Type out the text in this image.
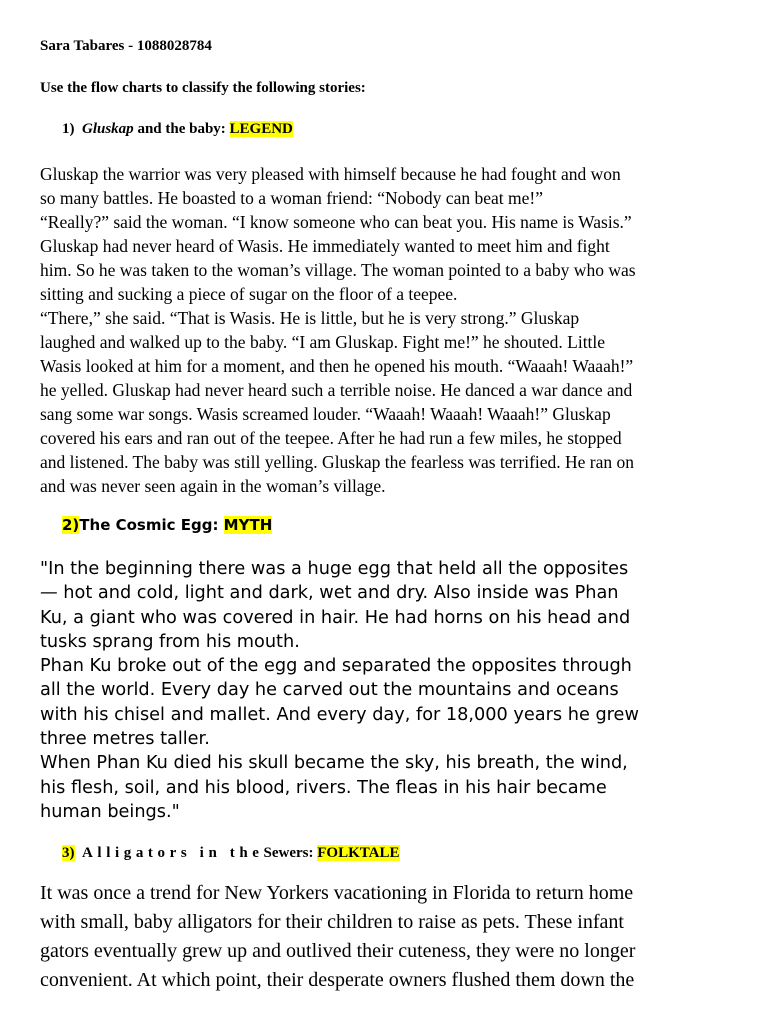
Sara Tabares - 1088028784
Use the flow charts to classify the following stories:
1) Gluskap and the baby: LEGEND
Gluskap the warrior was very pleased with himself because he had fought and won
so many battles. He boasted to a woman friend: “Nobody can beat me!”
“Really?” said the woman. “I know someone who can beat you. His name is Wasis.”
Gluskap had never heard of Wasis. He immediately wanted to meet him and fight
him. So he was taken to the woman’s village. The woman pointed to a baby who was
sitting and sucking a piece of sugar on the floor of a teepee.
“There,” she said. “That is Wasis. He is little, but he is very strong.” Gluskap
laughed and walked up to the baby. “I am Gluskap. Fight me!” he shouted. Little
Wasis looked at him for a moment, and then he opened his mouth. “Waaah! Waaah!”
he yelled. Gluskap had never heard such a terrible noise. He danced a war dance and
sang some war songs. Wasis screamed louder. “Waaah! Waaah! Waaah!” Gluskap
covered his ears and ran out of the teepee. After he had run a few miles, he stopped
and listened. The baby was still yelling. Gluskap the fearless was terrified. He ran on
and was never seen again in the woman’s village.
2)The Cosmic Egg: MYTH
"In the beginning there was a huge egg that held all the opposites
— hot and cold, light and dark, wet and dry. Also inside was Phan
Ku, a giant who was covered in hair. He had horns on his head and
tusks sprang from his mouth.
Phan Ku broke out of the egg and separated the opposites through
all the world. Every day he carved out the mountains and oceans
with his chisel and mallet. And every day, for 18,000 years he grew
three metres taller.
When Phan Ku died his skull became the sky, his breath, the wind,
his flesh, soil, and his blood, rivers. The fleas in his hair became
human beings."
3) Alligators in theSewers: FOLKTALE
It was once a trend for New Yorkers vacationing in Florida to return home
with small, baby alligators for their children to raise as pets. These infant
gators eventually grew up and outlived their cuteness, they were no longer
convenient. At which point, their desperate owners flushed them down the
